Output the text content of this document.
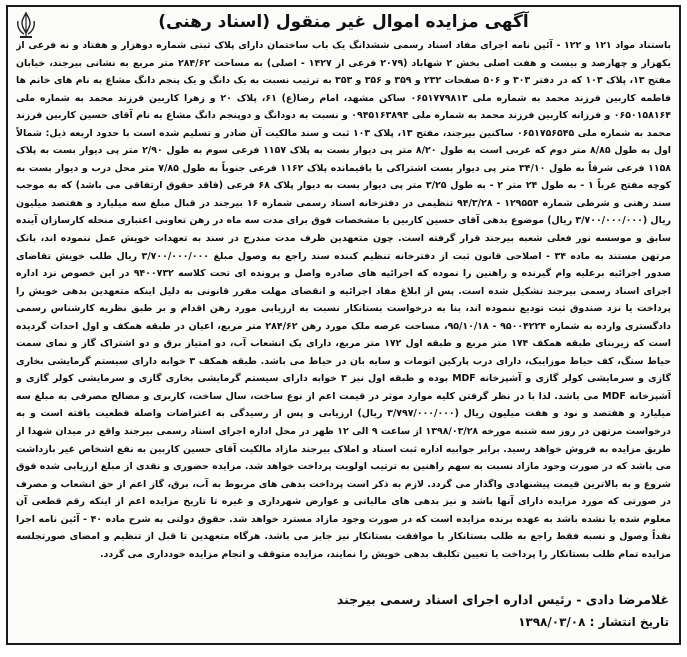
آگهی مزایده اموال غیر منقول (اسناد رهنی)
باستناد مواد ۱۲۱ و ۱۲۲ - آئین نامه اجرای مفاد اسناد رسمی ششدانگ یک باب ساختمان دارای پلاک ثبتی شماره دوهزار و هفتاد و نه فرعی از یکهزار و چهارصد و بیست و هفت اصلی بخش ۲ شهاباد (۲۰۷۹ فرعی از ۱۴۲۷ - اصلی) به مساحت ۲۸۴/۶۲ متر مربع به نشانی بیرجند، خیابان مفتح ۱۳، پلاک ۱۰۳ که در دفتر ۳۰۳ و ۵۰۶ صفحات ۲۳۲ و ۳۵۹ و ۳۵۶ و ۳۵۳ به ترتیب نسبت به یک دانگ و یک پنجم دانگ مشاع به نام های خانم ها فاطمه کاربین فرزند محمد به شماره ملی ۰۶۵۱۷۷۹۸۱۳ ساکن مشهد، امام رضا(ع) ۶۱، پلاک ۲۰ و زهرا کاربین فرزند محمد به شماره ملی ۰۶۵۰۱۵۸۱۶۴ و فرزانه کاربین فرزند محمد به شماره ملی ۰۹۴۵۱۶۳۸۹۴ و نسبت به دودانگ و دوپنجم دانگ مشاع به نام آقای حسین کاربین فرزند محمد به شماره ملی ۰۶۵۱۷۵۶۵۴۵ ساکنین بیرجند، مفتح ۱۳، پلاک ۱۰۳ ثبت و سند مالکیت آن صادر و تسلیم شده است با حدود اربعه ذیل: شمالاً اول به طول ۸/۸۵ متر دوم که غربی است به طول ۸/۲۰ متر پی دیوار بست به پلاک ۱۱۵۷ فرعی سوم به طول ۲/۹۰ متر پی دیوار بست به پلاک ۱۱۵۸ فرعی شرقاً به طول ۳۴/۱۰ متر پی دیوار بست اشتراکی با باقیمانده پلاک ۱۱۶۲ فرعی جنوباً به طول ۷/۸۵ متر محل درب و دیوار بست به کوچه مفتح غرباً ۱ - به طول ۲۴ متر ۲ - به طول ۳/۲۵ متر پی دیوار بست به دیوار پلاک ۶۸ فرعی (فاقد حقوق ارتفاقی می باشد) که به موجب سند رهنی و شرطی شماره ۱۲۹۵۵۴ - ۹۴/۳/۲۸ تنظیمی در دفترخانه اسناد رسمی شماره ۱۶ بیرجند در قبال مبلغ سه میلیارد و هفتصد میلیون ریال (۳/۷۰۰/۰۰۰/۰۰۰ ریال) موضوع بدهی آقای حسین کاربین با مشخصات فوق برای مدت سه ماه در رهن تعاونی اعتباری منحله کارسازان آینده سابق و موسسه نور فعلی شعبه بیرجند قرار گرفته است. چون متعهدین ظرف مدت مندرج در سند به تعهدات خویش عمل ننموده اند، بانک مرتهن مستند به ماده ۳۴ - اصلاحی قانون ثبت از دفترخانه تنظیم کننده سند راجع به وصول مبلغ ۳/۷۰۰/۰۰۰/۰۰۰ ریال طلب خویش تقاضای صدور اجرائیه برعلیه وام گیرنده و راهنین را نموده که اجرائیه های صادره واصل و پرونده ای تحت کلاسه ۹۴۰۰۷۳۲ در این خصوص نزد اداره اجرای اسناد رسمی بیرجند تشکیل شده است. پس از ابلاغ مفاد اجرائیه و انقضای مهلت مقرر قانونی به دلیل اینکه متعهدین بدهی خویش را پرداخت یا نزد صندوق ثبت تودیع ننموده اند، بنا به درخواست بستانکار نسبت به ارزیابی مورد رهن اقدام و بر طبق نظریه کارشناس رسمی دادگستری وارده به شماره ۹۵۰۰۴۲۲۴ - ۹۵/۱۰/۱۸، مساحت عرصه ملک مورد رهن ۲۸۴/۶۲ متر مربع، اعیان در طبقه همکف و اول احداث گردیده است که زیربنای طبقه همکف ۱۷۴ متر مربع و طبقه اول ۱۷۲ متر مربع، دارای یک انشعاب آب، دو امتیاز برق و دو اشتراک گاز و نمای سمت حیاط سنگ، کف حیاط موزاییک، دارای درب پارکین اتومات و سایه بان در حیاط می باشد. طبقه همکف ۳ خوابه دارای سیستم گرمایشی بخاری گازی و سرمایشی کولر گازی و آشپزخانه MDF بوده و طبقه اول نیز ۳ خوابه دارای سیستم گرمایشی بخاری گازی و سرمایشی کولر گازی و آشپزخانه MDF می باشد. لذا با در نظر گرفتن کلیه موارد موثر در قیمت اعم از نوع ساخت، سال ساخت، کاربری و مصالح مصرفی به مبلغ سه میلیارد و هفتصد و نود و هفت میلیون ریال (۳/۷۹۷/۰۰۰/۰۰۰ ریال) ارزیابی و پس از رسیدگی به اعتراضات واصله قطعیت یافته است و به درخواست مرتهن در روز سه شنبه مورخه ۱۳۹۸/۰۳/۲۸ از ساعت ۹ الی ۱۲ ظهر در محل اداره اجرای اسناد رسمی بیرجند واقع در میدان شهدا از طریق مزایده به فروش خواهد رسید. برابر جوابیه اداره ثبت اسناد و املاک بیرجند مازاد مالکیت آقای حسین کاربین به نفع اشخاص غیر بازداشت می باشد که در صورت وجود مازاد نسبت به سهم راهنین به ترتیب اولویت پرداخت خواهد شد. مزایده حضوری و نقدی از مبلغ ارزیابی شده فوق شروع و به بالاترین قیمت پیشنهادی واگذار می گردد. لازم به ذکر است پرداخت بدهی های مربوط به آب، برق، گاز اعم از حق انشعاب و مصرف در صورتی که مورد مزایده دارای آنها باشد و نیز بدهی های مالیاتی و عوارض شهرداری و غیره تا تاریخ مزایده اعم از اینکه رقم قطعی آن معلوم شده یا نشده باشد به عهده برنده مزایده است که در صورت وجود مازاد مسترد خواهد شد. حقوق دولتی به شرح ماده ۴۰ - آئین نامه اجرا نقداً وصول و نسبه فقط راجع به طلب بستانکار با موافقت بستانکار نیز جایز می باشد. هرگاه متعهدین تا قبل از تنظیم و امضای صورتجلسه مزایده تمام طلب بستانکار را پرداخت یا تعیین تکلیف بدهی خویش را نمایند، مزایده متوقف و انجام مزایده خودداری می گردد.
غلامرضا دادی - رئیس اداره اجرای اسناد رسمی بیرجند
تاریخ انتشار : ۱۳۹۸/۰۳/۰۸
